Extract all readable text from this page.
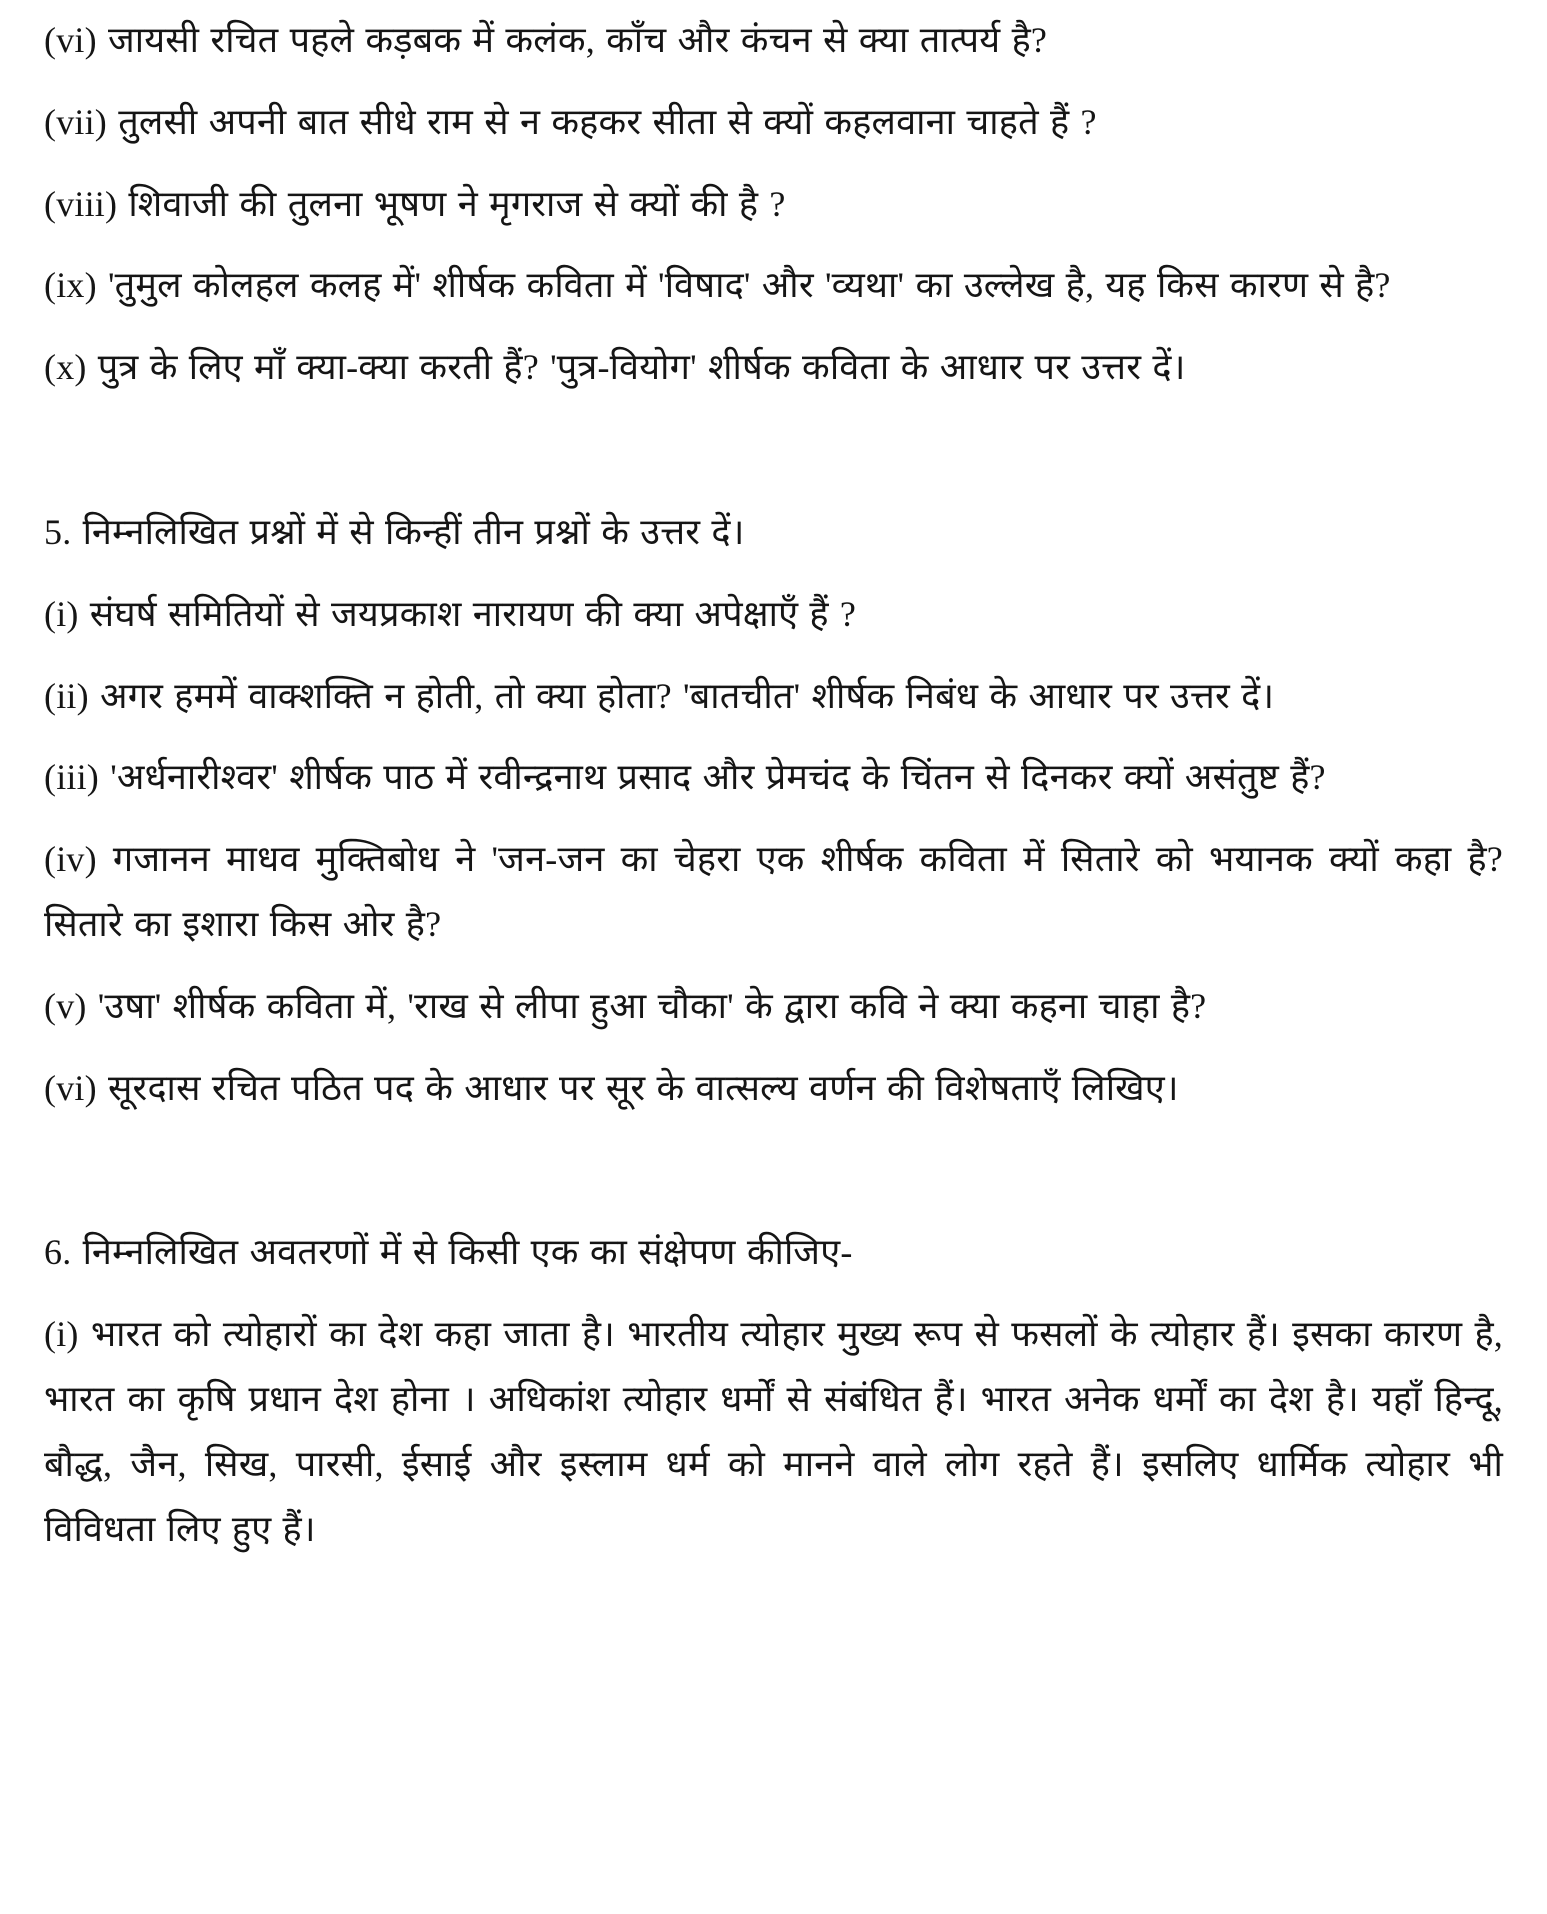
(vi) जायसी रचित पहले कड़बक में कलंक, काँच और कंचन से क्या तात्पर्य है?

(vii) तुलसी अपनी बात सीधे राम से न कहकर सीता से क्यों कहलवाना चाहते हैं ?

(viii) शिवाजी की तुलना भूषण ने मृगराज से क्यों की है ?

(ix) 'तुमुल कोलहल कलह में' शीर्षक कविता में 'विषाद' और 'व्यथा' का उल्लेख है, यह किस कारण से है?

(x) पुत्र के लिए माँ क्या-क्या करती हैं? 'पुत्र-वियोग' शीर्षक कविता के आधार पर उत्तर दें।

5. निम्नलिखित प्रश्नों में से किन्हीं तीन प्रश्नों के उत्तर दें।

(i) संघर्ष समितियों से जयप्रकाश नारायण की क्या अपेक्षाएँ हैं ?

(ii) अगर हममें वाक्शक्ति न होती, तो क्या होता? 'बातचीत' शीर्षक निबंध के आधार पर उत्तर दें।

(iii) 'अर्धनारीश्वर' शीर्षक पाठ में रवीन्द्रनाथ प्रसाद और प्रेमचंद के चिंतन से दिनकर क्यों असंतुष्ट हैं?

(iv) गजानन माधव मुक्तिबोध ने 'जन-जन का चेहरा एक शीर्षक कविता में सितारे को भयानक क्यों कहा है? सितारे का इशारा किस ओर है?

(v) 'उषा' शीर्षक कविता में, 'राख से लीपा हुआ चौका' के द्वारा कवि ने क्या कहना चाहा है?

(vi) सूरदास रचित पठित पद के आधार पर सूर के वात्सल्य वर्णन की विशेषताएँ लिखिए।

6. निम्नलिखित अवतरणों में से किसी एक का संक्षेपण कीजिए-

(i) भारत को त्योहारों का देश कहा जाता है। भारतीय त्योहार मुख्य रूप से फसलों के त्योहार हैं। इसका कारण है, भारत का कृषि प्रधान देश होना । अधिकांश त्योहार धर्मों से संबंधित हैं। भारत अनेक धर्मों का देश है। यहाँ हिन्दू, बौद्ध, जैन, सिख, पारसी, ईसाई और इस्लाम धर्म को मानने वाले लोग रहते हैं। इसलिए धार्मिक त्योहार भी विविधता लिए हुए हैं।
